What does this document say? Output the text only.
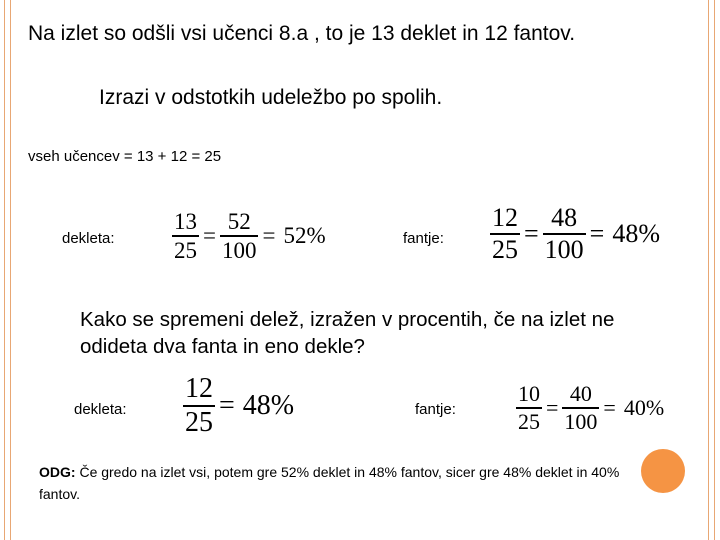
Na izlet so odšli vsi učenci 8.a , to je 13 deklet in 12 fantov.
Izrazi v odstotkih udeležbo po spolih.
vseh učencev = 13 + 12 = 25
dekleta: $\frac{13}{25} = \frac{52}{100} = 52\%$	fantje: $\frac{12}{25} = \frac{48}{100} = 48\%$
Kako se spremeni delež, izražen v procentih, če na izlet ne odideta dva fanta in eno dekle?
dekleta: $\frac{12}{25} = 48\%$	fantje:	$\frac{10}{25} = \frac{40}{100} = 40\%$
ODG: Če gredo na izlet vsi, potem gre 52% deklet in 48% fantov, sicer gre 48% deklet in 40% fantov.
